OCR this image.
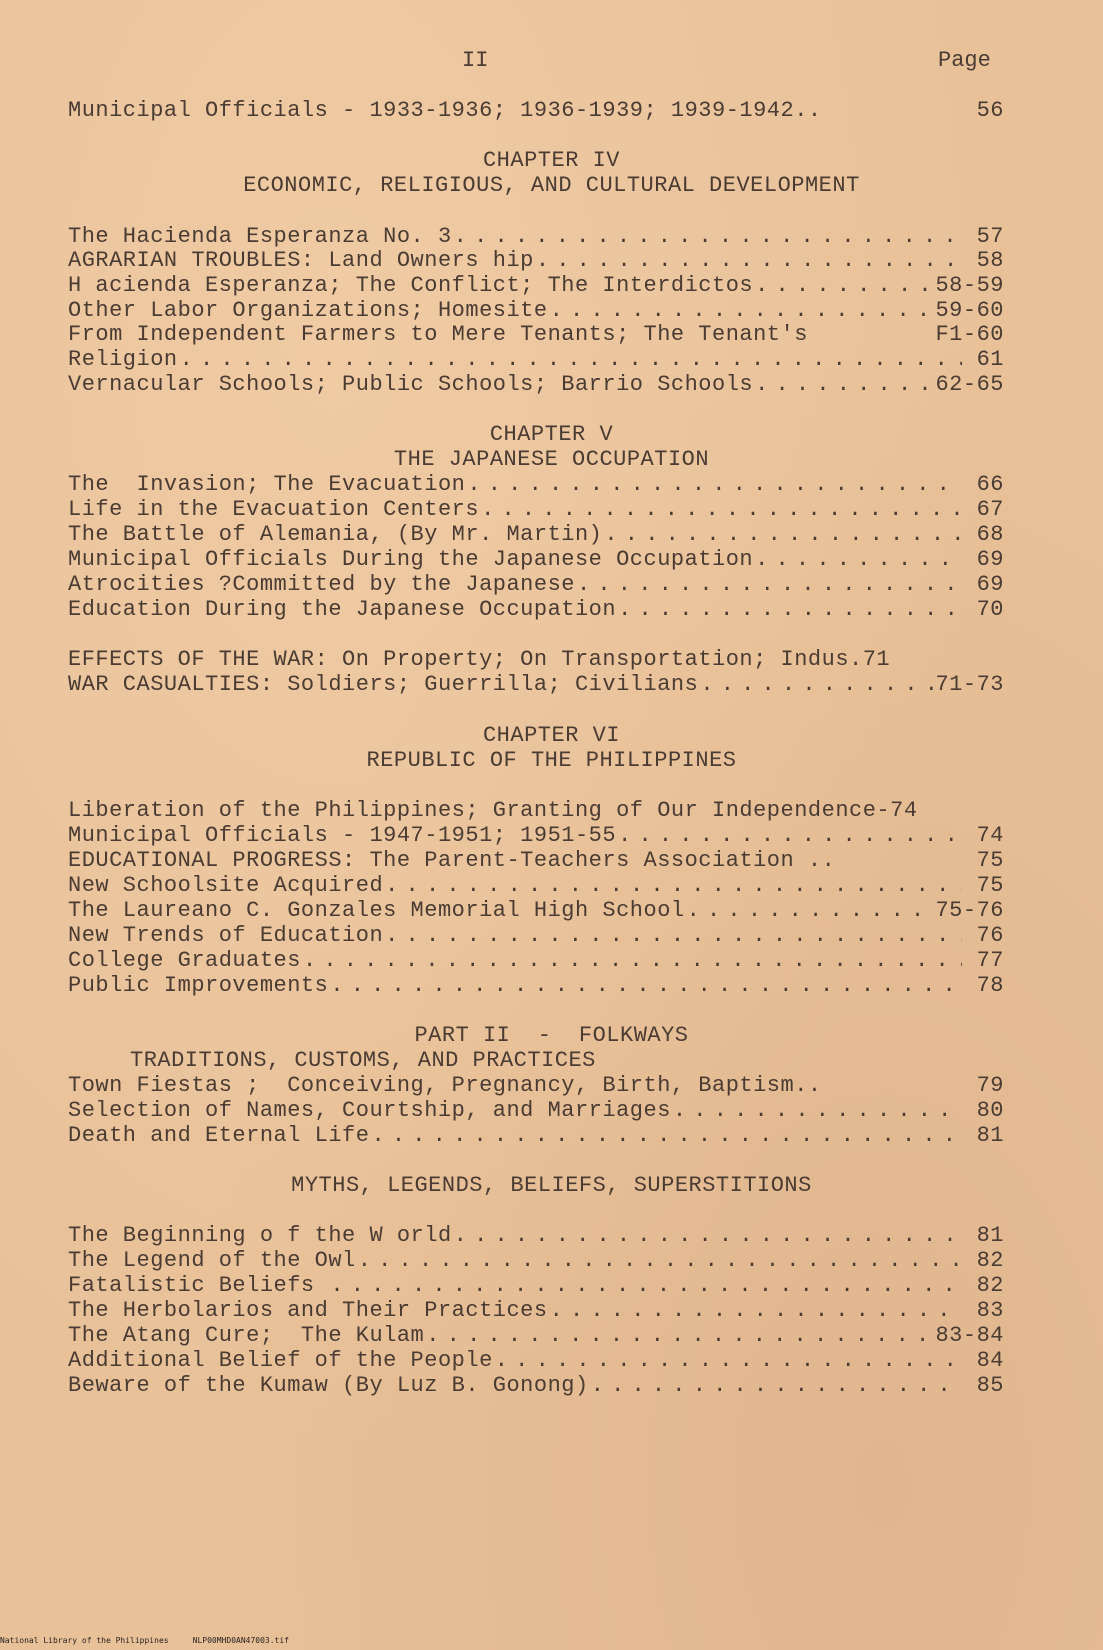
II	Page
Municipal Officials - 1933-1936; 1936-1939; 1939-1942..	56
CHAPTER IV
ECONOMIC, RELIGIOUS, AND CULTURAL DEVELOPMENT
The Hacienda Esperanza No. 3 . . .	57
AGRARIAN TROUBLES: Land Owners hip . . .	58
H acienda Esperanza; The Conflict; The Interdictos . . .	58-59
Other Labor Organizations; Homesite . . .	59-60
From Independent Farmers to Mere Tenants; The Tenant's	F1-60
Religion . . .	61
Vernacular Schools; Public Schools; Barrio Schools . . .	62-65
CHAPTER V
THE JAPANESE OCCUPATION
The  Invasion; The Evacuation . . .	66
Life in the Evacuation Centers . . .	67
The Battle of Alemania, (By Mr. Martin) . . .	68
Municipal Officials During the Japanese Occupation . . .	69
Atrocities ?Committed by the Japanese . . .	69
Education During the Japanese Occupation . . .	70
EFFECTS OF THE WAR: On Property; On Transportation; Indus. 71
WAR CASUALTIES: Soldiers; Guerrilla; Civilians . . .	71-73
CHAPTER VI
REPUBLIC OF THE PHILIPPINES
Liberation of the Philippines; Granting of Our Independence- 74
Municipal Officials - 1947-1951; 1951-55 . . .	74
EDUCATIONAL PROGRESS: The Parent-Teachers Association ..	75
New Schoolsite Acquired . . .	75
The Laureano C. Gonzales Memorial High School . . .	75-76
New Trends of Education . . .	76
College Graduates . . .	77
Public Improvements . . .	78
PART II  -  FOLKWAYS
TRADITIONS, CUSTOMS, AND PRACTICES
Town Fiestas ;  Conceiving, Pregnancy, Birth, Baptism..	79
Selection of Names, Courtship, and Marriages . . .	80
Death and Eternal Life . . .	81
MYTHS, LEGENDS, BELIEFS, SUPERSTITIONS
The Beginning o f the W orld . . .	81
The Legend of the Owl . . .	82
Fatalistic Beliefs . . .	82
The Herbolarios and Their Practices . . .	83
The Atang Cure;  The Kulam . . .	83-84
Additional Belief of the People . . .	84
Beware of the Kumaw (By Luz B. Gonong) . . .	85
National Library of the Philippines     NLP00MHD0AN47003.tif
